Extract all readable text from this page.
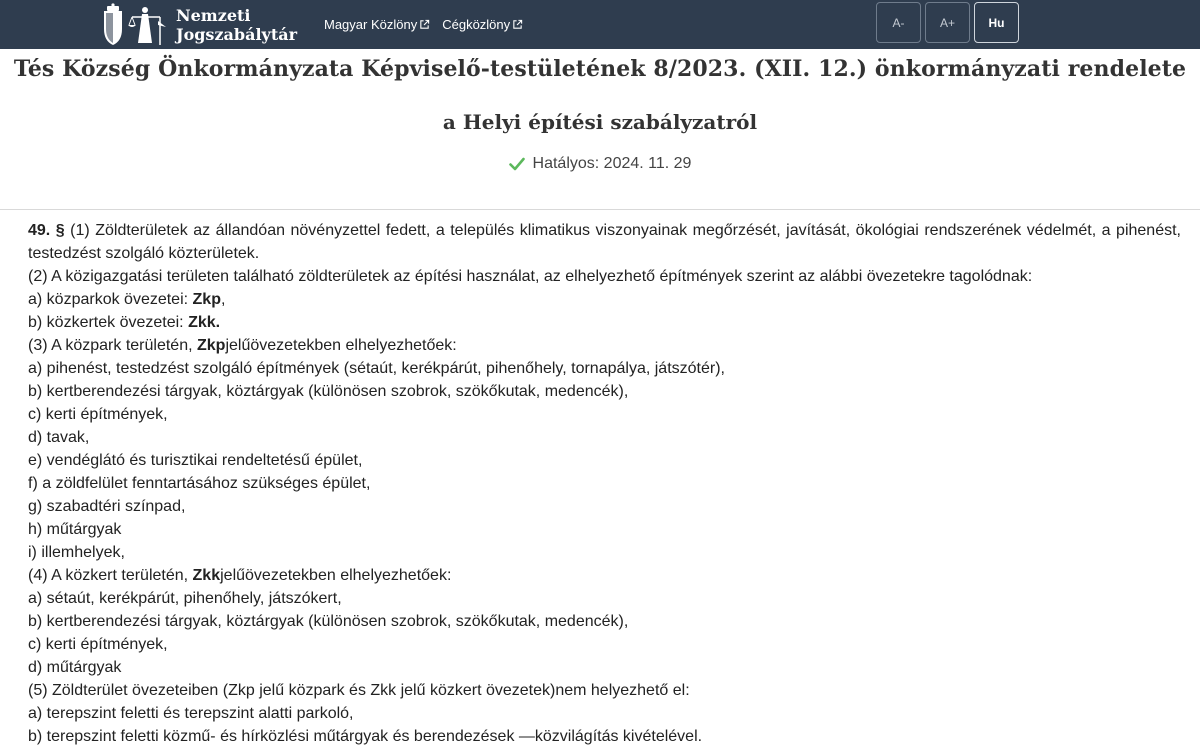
Nemzeti
Jogszabálytár Magyar Közlöny Cégközlöny	A-	A+	Hu
Tés Község Önkormányzata Képviselő-testületének 8/2023. (XII. 12.) önkormányzati rendelete
a Helyi építési szabályzatról
Hatályos: 2024. 11. 29

49. § (1) Zöldterületek az állandóan növényzettel fedett, a település klimatikus viszonyainak megőrzését, javítását, ökológiai rendszerének védelmét, a pihenést, testedzést szolgáló közterületek.

(2) A közigazgatási területen található zöldterületek az építési használat, az elhelyezhető építmények szerint az alábbi övezetekre tagolódnak:

a) közparkok övezetei: Zkp,

b) közkertek övezetei: Zkk.

(3) A közpark területén, Zkpjelűövezetekben elhelyezhetőek:

a) pihenést, testedzést szolgáló építmények (sétaút, kerékpárút, pihenőhely, tornapálya, játszótér),

b) kertberendezési tárgyak, köztárgyak (különösen szobrok, szökőkutak, medencék),

c) kerti építmények,

d) tavak,

e) vendéglátó és turisztikai rendeltetésű épület,

f) a zöldfelület fenntartásához szükséges épület,

g) szabadtéri színpad,

h) műtárgyak

i) illemhelyek,

(4) A közkert területén, Zkkjelűövezetekben elhelyezhetőek:

a) sétaút, kerékpárút, pihenőhely, játszókert,

b) kertberendezési tárgyak, köztárgyak (különösen szobrok, szökőkutak, medencék),

c) kerti építmények,

d) műtárgyak

(5) Zöldterület övezeteiben (Zkp jelű közpark és Zkk jelű közkert övezetek)nem helyezhető el:

a) terepszint feletti és terepszint alatti parkoló,

b) terepszint feletti közmű- és hírközlési műtárgyak és berendezések —közvilágítás kivételével.
